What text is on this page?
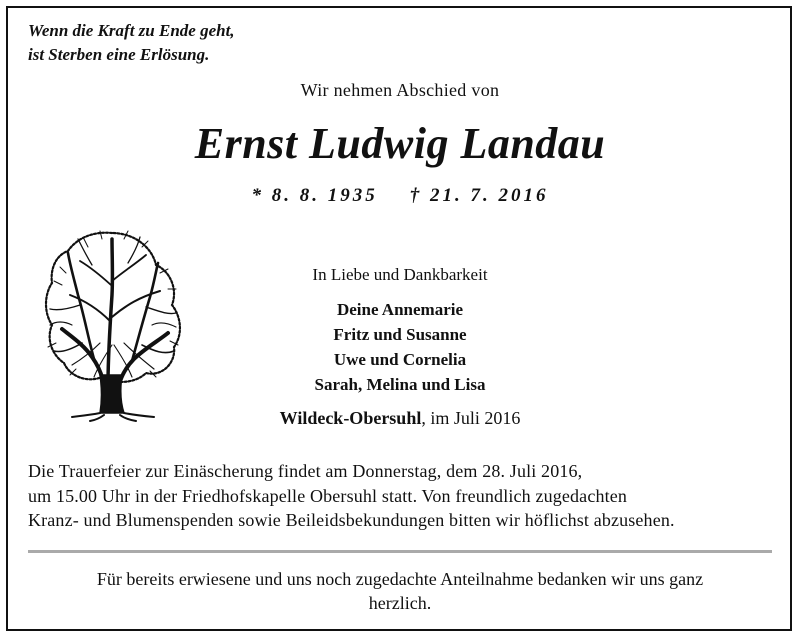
Wenn die Kraft zu Ende geht,
ist Sterben eine Erlösung.
Wir nehmen Abschied von
Ernst Ludwig Landau
* 8. 8. 1935 † 21. 7. 2016
In Liebe und Dankbarkeit
Deine Annemarie
Fritz und Susanne
Uwe und Cornelia
Sarah, Melina und Lisa
Wildeck-Obersuhl, im Juli 2016
Die Trauerfeier zur Einäscherung findet am Donnerstag, dem 28. Juli 2016,
um 15.00 Uhr in der Friedhofskapelle Obersuhl statt. Von freundlich zugedachten
Kranz- und Blumenspenden sowie Beileidsbekundungen bitten wir höflichst abzusehen.
Für bereits erwiesene und uns noch zugedachte Anteilnahme bedanken wir uns ganz
herzlich.
